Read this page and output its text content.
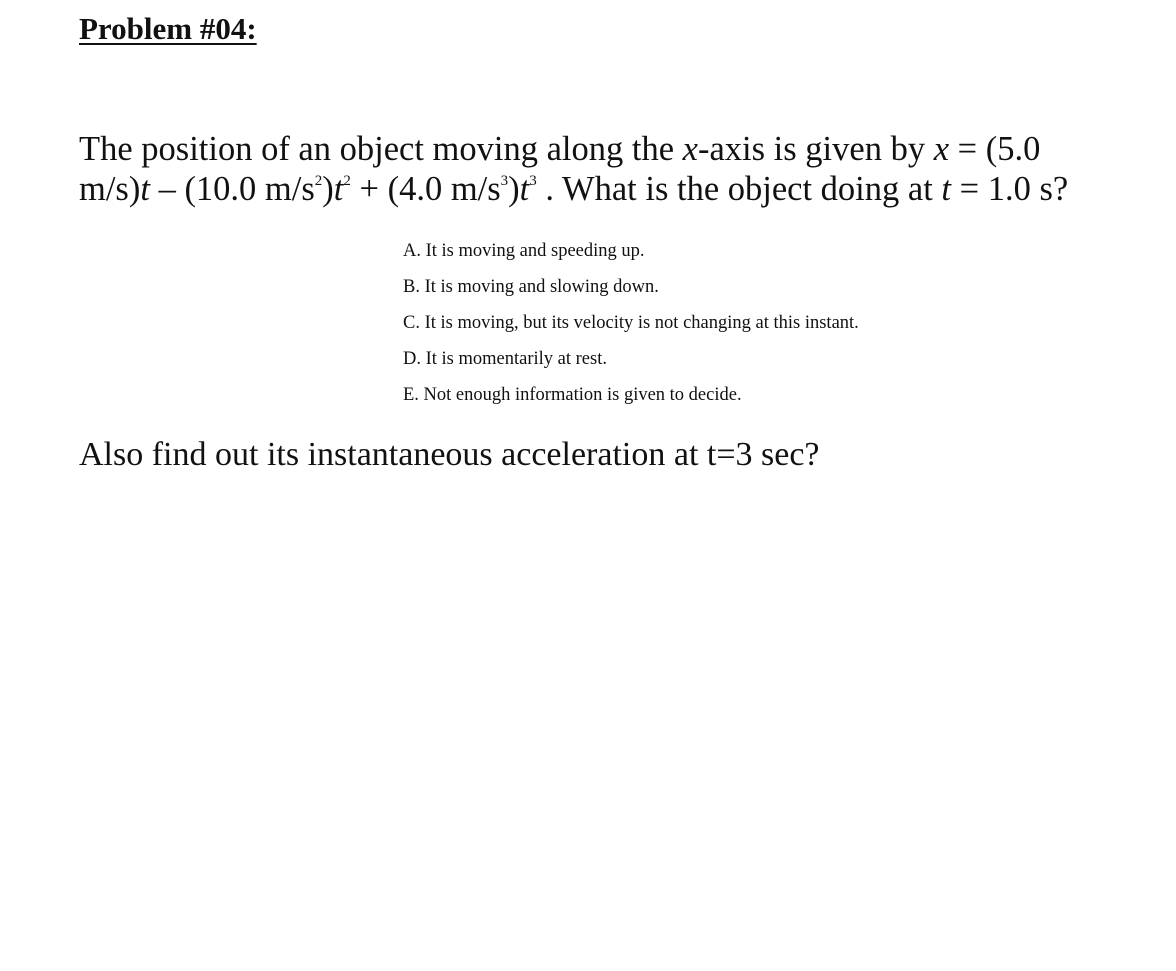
Problem #04:

The position of an object moving along the x-axis is given by x = (5.0
m/s)t – (10.0 $m/s^2)t^2 + (4.0$ $m/s^3)t^3$ . What is the object doing at t = 1.0 s?

A. It is moving and speeding up.
B. It is moving and slowing down.
C. It is moving, but its velocity is not changing at this instant.
D. It is momentarily at rest.
E. Not enough information is given to decide.

Also find out its instantaneous acceleration at t=3 sec?
